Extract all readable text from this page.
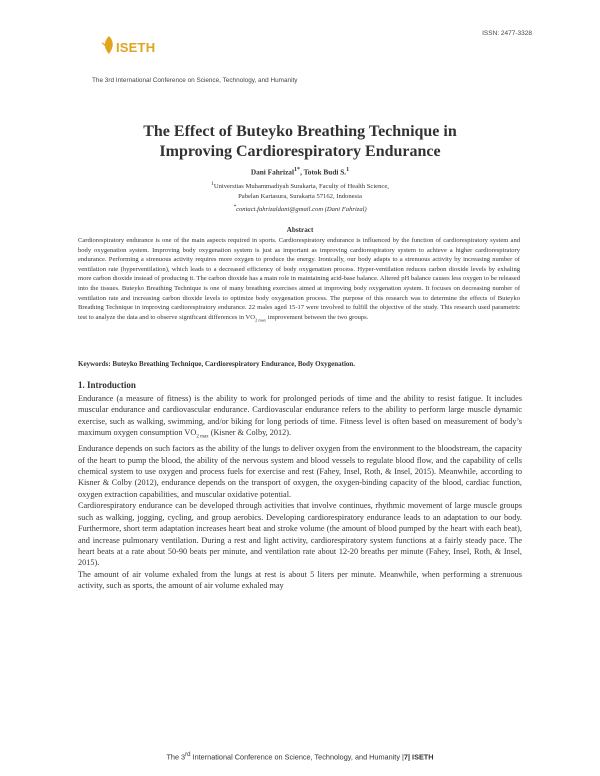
ISSN: 2477-3328
ISETH
The 3rd International Conference on Science, Technology, and Humanity
The Effect of Buteyko Breathing Technique in
Improving Cardiorespiratory Endurance
Dani Fahrizal$^{1*}$, Totok Budi S.$^1$
$^1$Universitas Muhammadiyah Surakarta, Faculty of Health Science,
Pabelan Kartasura, Surakarta 57162, Indonesia
*contact.fahrizaldani@gmail.com (Dani Fahrizal)
Abstract
Cardiorespiratory endurance is one of the main aspects required in sports. Cardiorespiratory endurance is influenced by the function of cardiorespiratory system and body oxygenation system. Improving body oxygenation system is just as important as improving cardiorespiratory system to achieve a higher cardiorespiratory endurance. Performing a strenuous activity requires more oxygen to produce the energy. Ironically, our body adapts to a strenuous activity by increasing number of ventilation rate (hyperventilation), which leads to a decreased efficiency of body oxygenation process. Hyper-ventilation reduces carbon dioxide levels by exhaling more carbon dioxide instead of producing it. The carbon dioxide has a main role in maintaining acid-base balance. Altered pH balance causes less oxygen to be released into the tissues. Buteyko Breathing Technique is one of many breathing exercises aimed at improving body oxygenation system. It focuses on decreasing number of ventilation rate and increasing carbon dioxide levels to optimize body oxygenation process. The purpose of this research was to determine the effects of Buteyko Breathing Technique in improving cardiorespiratory endurance. 22 males aged 15-17 were involved to fulfill the objective of the study. This research used parametric test to analyze the data and to observe significant differences in $VO_{2 max}$ improvement between the two groups.
Keywords: Buteyko Breathing Technique, Cardiorespiratory Endurance, Body Oxygenation.
1. Introduction

Endurance (a measure of fitness) is the ability to work for prolonged periods of time and the ability to resist fatigue. It includes muscular endurance and cardiovascular endurance. Cardiovascular endurance refers to the ability to perform large muscle dynamic exercise, such as walking, swimming, and/or biking for long periods of time. Fitness level is often based on measurement of body’s maximum oxygen consumption $VO_{2 max}$ (Kisner & Colby, 2012).

Endurance depends on such factors as the ability of the lungs to deliver oxygen from the environment to the bloodstream, the capacity of the heart to pump the blood, the ability of the nervous system and blood vessels to regulate blood flow, and the capability of cells chemical system to use oxygen and process fuels for exercise and rest (Fahey, Insel, Roth, & Insel, 2015). Meanwhile, according to Kisner & Colby (2012), endurance depends on the transport of oxygen, the oxygen-binding capacity of the blood, cardiac function, oxygen extraction capabilities, and muscular oxidative potential.

Cardiorespiratory endurance can be developed through activities that involve continues, rhythmic movement of large muscle groups such as walking, jogging, cycling, and group aerobics. Developing cardiorespiratory endurance leads to an adaptation to our body. Furthermore, short term adaptation increases heart beat and stroke volume (the amount of blood pumped by the heart with each beat), and increase pulmonary ventilation. During a rest and light activity, cardiorespiratory system functions at a fairly steady pace. The heart beats at a rate about 50-90 beats per minute, and ventilation rate about 12-20 breaths per minute (Fahey, Insel, Roth, & Insel, 2015).

The amount of air volume exhaled from the lungs at rest is about 5 liters per minute. Meanwhile, when performing a strenuous activity, such as sports, the amount of air volume exhaled may

The 3rd International Conference on Science, Technology, and Humanity |7| ISETH
